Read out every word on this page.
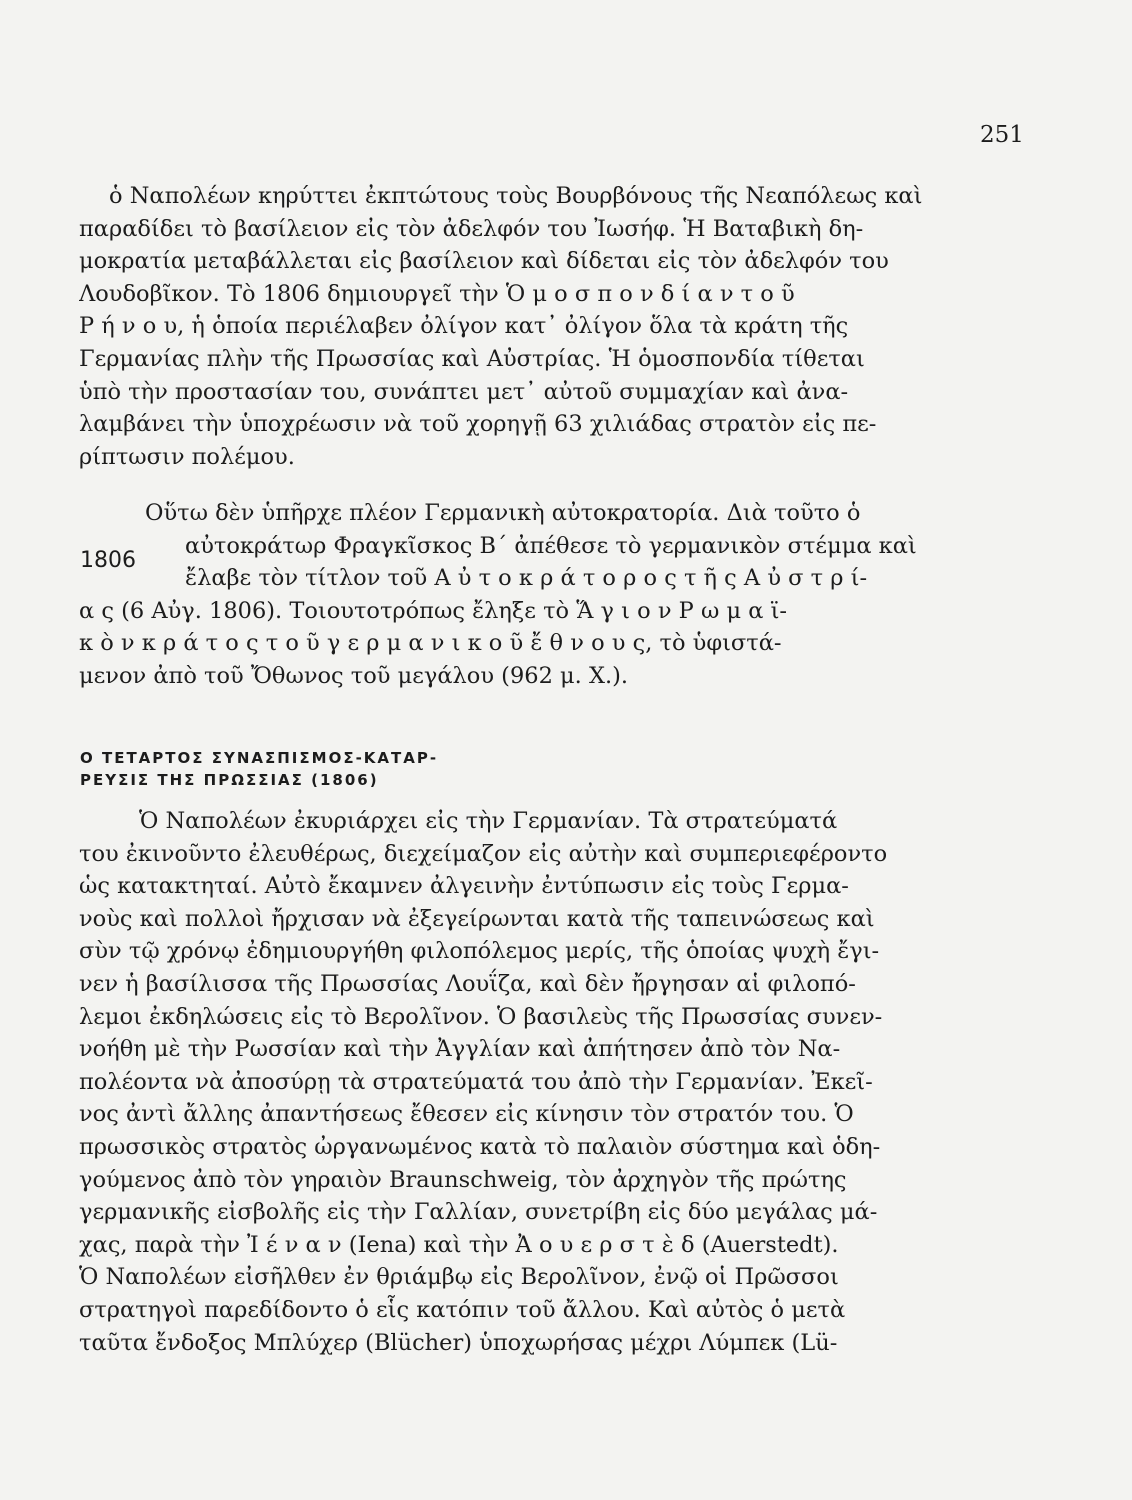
251
ὁ Ναπολέων κηρύττει ἐκπτώτους τοὺς Βουρβόνους τῆς Νεαπόλεως καὶ
παραδίδει τὸ βασίλειον εἰς τὸν ἀδελφόν του Ἰωσήφ. Ἡ Βαταβικὴ δη-
μοκρατία μεταβάλλεται εἰς βασίλειον καὶ δίδεται εἰς τὸν ἀδελφόν του
Λουδοβῖκον. Τὸ 1806 δημιουργεῖ τὴν Ὁ μ ο σ π ο ν δ ί α ν τ ο ῦ
Ρ ή ν ο υ, ἡ ὁποία περιέλαβεν ὀλίγον κατ᾿ ὀλίγον ὅλα τὰ κράτη τῆς
Γερμανίας πλὴν τῆς Πρωσσίας καὶ Αὐστρίας. Ἡ ὁμοσπονδία τίθεται
ὑπὸ τὴν προστασίαν του, συνάπτει μετ᾿ αὐτοῦ συμμαχίαν καὶ ἀνα-
λαμβάνει τὴν ὑποχρέωσιν νὰ τοῦ χορηγῇ 63 χιλιάδας στρατὸν εἰς πε-
ρίπτωσιν πολέμου.
1806
Οὕτω δὲν ὑπῆρχε πλέον Γερμανικὴ αὐτοκρατορία. Διὰ τοῦτο ὁ
αὐτοκράτωρ Φραγκῖσκος Β΄ ἀπέθεσε τὸ γερμανικὸν στέμμα καὶ
ἔλαβε τὸν τίτλον τοῦ Α ὐ τ ο κ ρ ά τ ο ρ ο ς τ ῆ ς Α ὐ σ τ ρ ί-
α ς (6 Αὐγ. 1806). Τοιουτοτρόπως ἔληξε τὸ Ἅ γ ι ο ν Ρ ω μ α ϊ-
κ ὸ ν κ ρ ά τ ο ς τ ο ῦ γ ε ρ μ α ν ι κ ο ῦ ἔ θ ν ο υ ς, τὸ ὑφιστά-
μενον ἀπὸ τοῦ Ὄθωνος τοῦ μεγάλου (962 μ. Χ.).
Ο ΤΕΤΑΡΤΟΣ ΣΥΝΑΣΠΙΣΜΟΣ-ΚΑΤΑΡ-
ΡΕΥΣΙΣ ΤΗΣ ΠΡΩΣΣΙΑΣ (1806)
Ὁ Ναπολέων ἐκυριάρχει εἰς τὴν Γερμανίαν. Τὰ στρατεύματά
του ἐκινοῦντο ἐλευθέρως, διεχείμαζον εἰς αὐτὴν καὶ συμπεριεφέροντο
ὡς κατακτηταί. Αὐτὸ ἔκαμνεν ἀλγεινὴν ἐντύπωσιν εἰς τοὺς Γερμα-
νοὺς καὶ πολλοὶ ἤρχισαν νὰ ἐξεγείρωνται κατὰ τῆς ταπεινώσεως καὶ
σὺν τῷ χρόνῳ ἐδημιουργήθη φιλοπόλεμος μερίς, τῆς ὁποίας ψυχὴ ἔγι-
νεν ἡ βασίλισσα τῆς Πρωσσίας Λουΐζα, καὶ δὲν ἤργησαν αἱ φιλοπό-
λεμοι ἐκδηλώσεις εἰς τὸ Βερολῖνον. Ὁ βασιλεὺς τῆς Πρωσσίας συνεν-
νοήθη μὲ τὴν Ρωσσίαν καὶ τὴν Ἀγγλίαν καὶ ἀπήτησεν ἀπὸ τὸν Να-
πολέοντα νὰ ἀποσύρῃ τὰ στρατεύματά του ἀπὸ τὴν Γερμανίαν. Ἐκεῖ-
νος ἀντὶ ἄλλης ἀπαντήσεως ἔθεσεν εἰς κίνησιν τὸν στρατόν του. Ὁ
πρωσσικὸς στρατὸς ὠργανωμένος κατὰ τὸ παλαιὸν σύστημα καὶ ὁδη-
γούμενος ἀπὸ τὸν γηραιὸν Braunschweig, τὸν ἀρχηγὸν τῆς πρώτης
γερμανικῆς εἰσβολῆς εἰς τὴν Γαλλίαν, συνετρίβη εἰς δύο μεγάλας μά-
χας, παρὰ τὴν Ἰ έ ν α ν (Iena) καὶ τὴν Ἀ ο υ ε ρ σ τ ὲ δ (Auerstedt).
Ὁ Ναπολέων εἰσῆλθεν ἐν θριάμβῳ εἰς Βερολῖνον, ἐνῷ οἱ Πρῶσσοι
στρατηγοὶ παρεδίδοντο ὁ εἷς κατόπιν τοῦ ἄλλου. Καὶ αὐτὸς ὁ μετὰ
ταῦτα ἔνδοξος Μπλύχερ (Blücher) ὑποχωρήσας μέχρι Λύμπεκ (Lü-
